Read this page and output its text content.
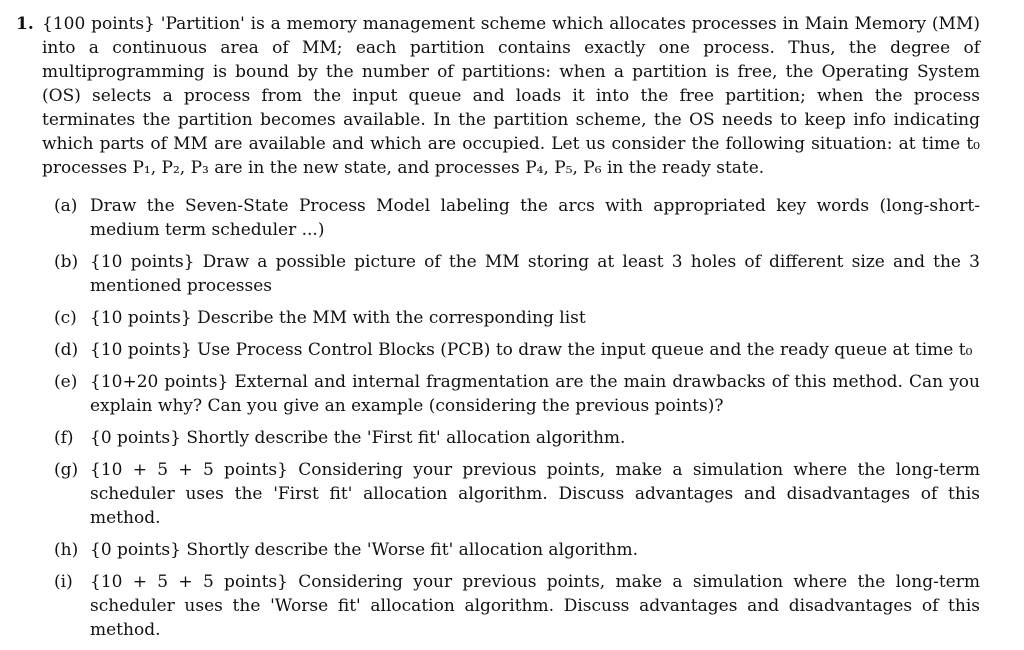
1. {100 points} 'Partition' is a memory management scheme which allocates processes in Main Memory (MM) into a continuous area of MM; each partition contains exactly one process. Thus, the degree of multiprogramming is bound by the number of partitions: when a partition is free, the Operating System (OS) selects a process from the input queue and loads it into the free partition; when the process terminates the partition becomes available. In the partition scheme, the OS needs to keep info indicating which parts of MM are available and which are occupied. Let us consider the following situation: at time t₀ processes P₁, P₂, P₃ are in the new state, and processes P₄, P₅, P₆ in the ready state.
(a) Draw the Seven-State Process Model labeling the arcs with appropriated key words (long-short-medium term scheduler ...)
(b) {10 points} Draw a possible picture of the MM storing at least 3 holes of different size and the 3 mentioned processes
(c) {10 points} Describe the MM with the corresponding list
(d) {10 points} Use Process Control Blocks (PCB) to draw the input queue and the ready queue at time t₀
(e) {10+20 points} External and internal fragmentation are the main drawbacks of this method. Can you explain why? Can you give an example (considering the previous points)?
(f) {0 points} Shortly describe the 'First fit' allocation algorithm.
(g) {10 + 5 + 5 points} Considering your previous points, make a simulation where the long-term scheduler uses the 'First fit' allocation algorithm. Discuss advantages and disadvantages of this method.
(h) {0 points} Shortly describe the 'Worse fit' allocation algorithm.
(i)	{10 + 5 + 5 points} Considering your previous points, make a simulation where the long-term scheduler uses the 'Worse fit' allocation algorithm. Discuss advantages and disadvantages of this method.
